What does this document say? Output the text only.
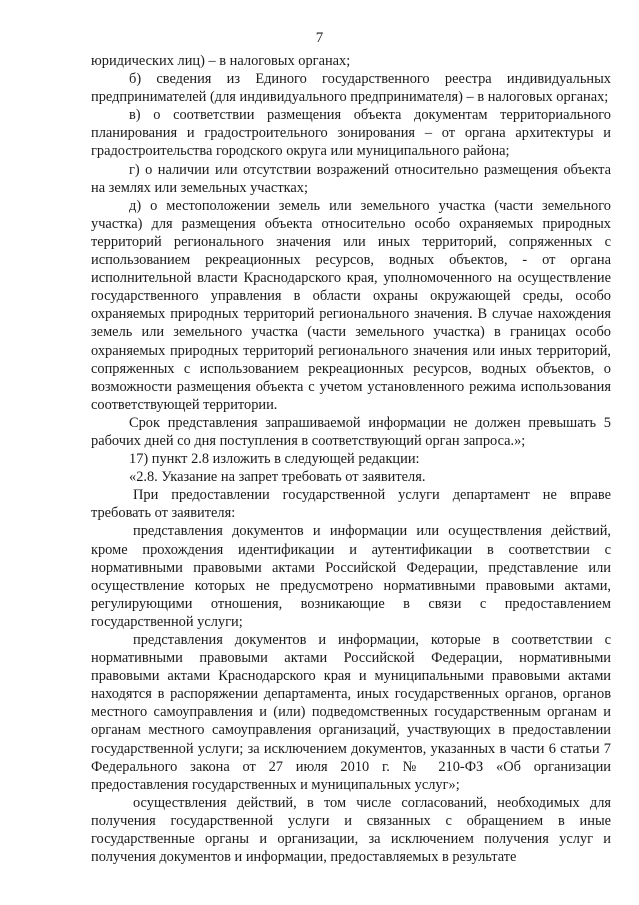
7

юридических лиц) – в налоговых органах;

б) сведения из Единого государственного реестра индивидуальных предпринимателей (для индивидуального предпринимателя) – в налоговых органах;

в) о соответствии размещения объекта документам территориального планирования и градостроительного зонирования – от органа архитектуры и градостроительства городского округа или муниципального района;

г) о наличии или отсутствии возражений относительно размещения объекта на землях или земельных участках;

д) о местоположении земель или земельного участка (части земельного участка) для размещения объекта относительно особо охраняемых природных территорий регионального значения или иных территорий, сопряженных с использованием рекреационных ресурсов, водных объектов, - от органа исполнительной власти Краснодарского края, уполномоченного на осуществление государственного управления в области охраны окружающей среды, особо охраняемых природных территорий регионального значения. В случае нахождения земель или земельного участка (части земельного участка) в границах особо охраняемых природных территорий регионального значения или иных территорий, сопряженных с использованием рекреационных ресурсов, водных объектов, о возможности размещения объекта с учетом установленного режима использования соответствующей территории.

Срок представления запрашиваемой информации не должен превышать 5 рабочих дней со дня поступления в соответствующий орган запроса.»;

17) пункт 2.8 изложить в следующей редакции:

«2.8. Указание на запрет требовать от заявителя.

При предоставлении государственной услуги департамент не вправе требовать от заявителя:

представления документов и информации или осуществления действий, кроме прохождения идентификации и аутентификации в соответствии с нормативными правовыми актами Российской Федерации, представление или осуществление которых не предусмотрено нормативными правовыми актами, регулирующими отношения, возникающие в связи с предоставлением государственной услуги;

представления документов и информации, которые в соответствии с нормативными правовыми актами Российской Федерации, нормативными правовыми актами Краснодарского края и муниципальными правовыми актами находятся в распоряжении департамента, иных государственных органов, органов местного самоуправления и (или) подведомственных государственным органам и органам местного самоуправления организаций, участвующих в предоставлении государственной услуги; за исключением документов, указанных в части 6 статьи 7 Федерального закона от 27 июля 2010 г. № 210-ФЗ «Об организации предоставления государственных и муниципальных услуг»;

осуществления действий, в том числе согласований, необходимых для получения государственной услуги и связанных с обращением в иные государственные органы и организации, за исключением получения услуг и получения документов и информации, предоставляемых в результате
